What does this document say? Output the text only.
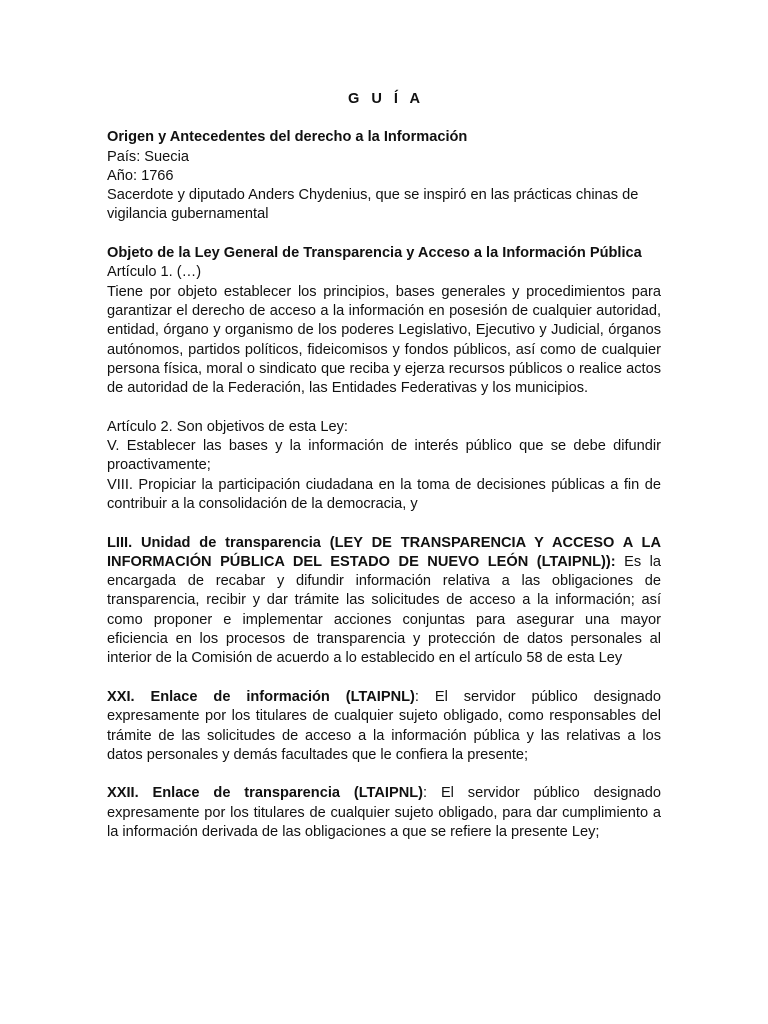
G U Í A

Origen y Antecedentes del derecho a la Información

País: Suecia

Año: 1766

Sacerdote y diputado Anders Chydenius, que se inspiró en las prácticas chinas de vigilancia gubernamental

Objeto de la Ley General de Transparencia y Acceso a la Información Pública

Artículo 1. (…)

Tiene por objeto establecer los principios, bases generales y procedimientos para garantizar el derecho de acceso a la información en posesión de cualquier autoridad, entidad, órgano y organismo de los poderes Legislativo, Ejecutivo y Judicial, órganos autónomos, partidos políticos, fideicomisos y fondos públicos, así como de cualquier persona física, moral o sindicato que reciba y ejerza recursos públicos o realice actos de autoridad de la Federación, las Entidades Federativas y los municipios.

Artículo 2. Son objetivos de esta Ley:

V. Establecer las bases y la información de interés público que se debe difundir proactivamente;

VIII. Propiciar la participación ciudadana en la toma de decisiones públicas a fin de contribuir a la consolidación de la democracia, y

LIII. Unidad de transparencia (LEY DE TRANSPARENCIA Y ACCESO A LA INFORMACIÓN PÚBLICA DEL ESTADO DE NUEVO LEÓN (LTAIPNL)): Es la encargada de recabar y difundir información relativa a las obligaciones de transparencia, recibir y dar trámite las solicitudes de acceso a la información; así como proponer e implementar acciones conjuntas para asegurar una mayor eficiencia en los procesos de transparencia y protección de datos personales al interior de la Comisión de acuerdo a lo establecido en el artículo 58 de esta Ley

XXI. Enlace de información (LTAIPNL): El servidor público designado expresamente por los titulares de cualquier sujeto obligado, como responsables del trámite de las solicitudes de acceso a la información pública y las relativas a los datos personales y demás facultades que le confiera la presente;

XXII. Enlace de transparencia (LTAIPNL): El servidor público designado expresamente por los titulares de cualquier sujeto obligado, para dar cumplimiento a la información derivada de las obligaciones a que se refiere la presente Ley;
